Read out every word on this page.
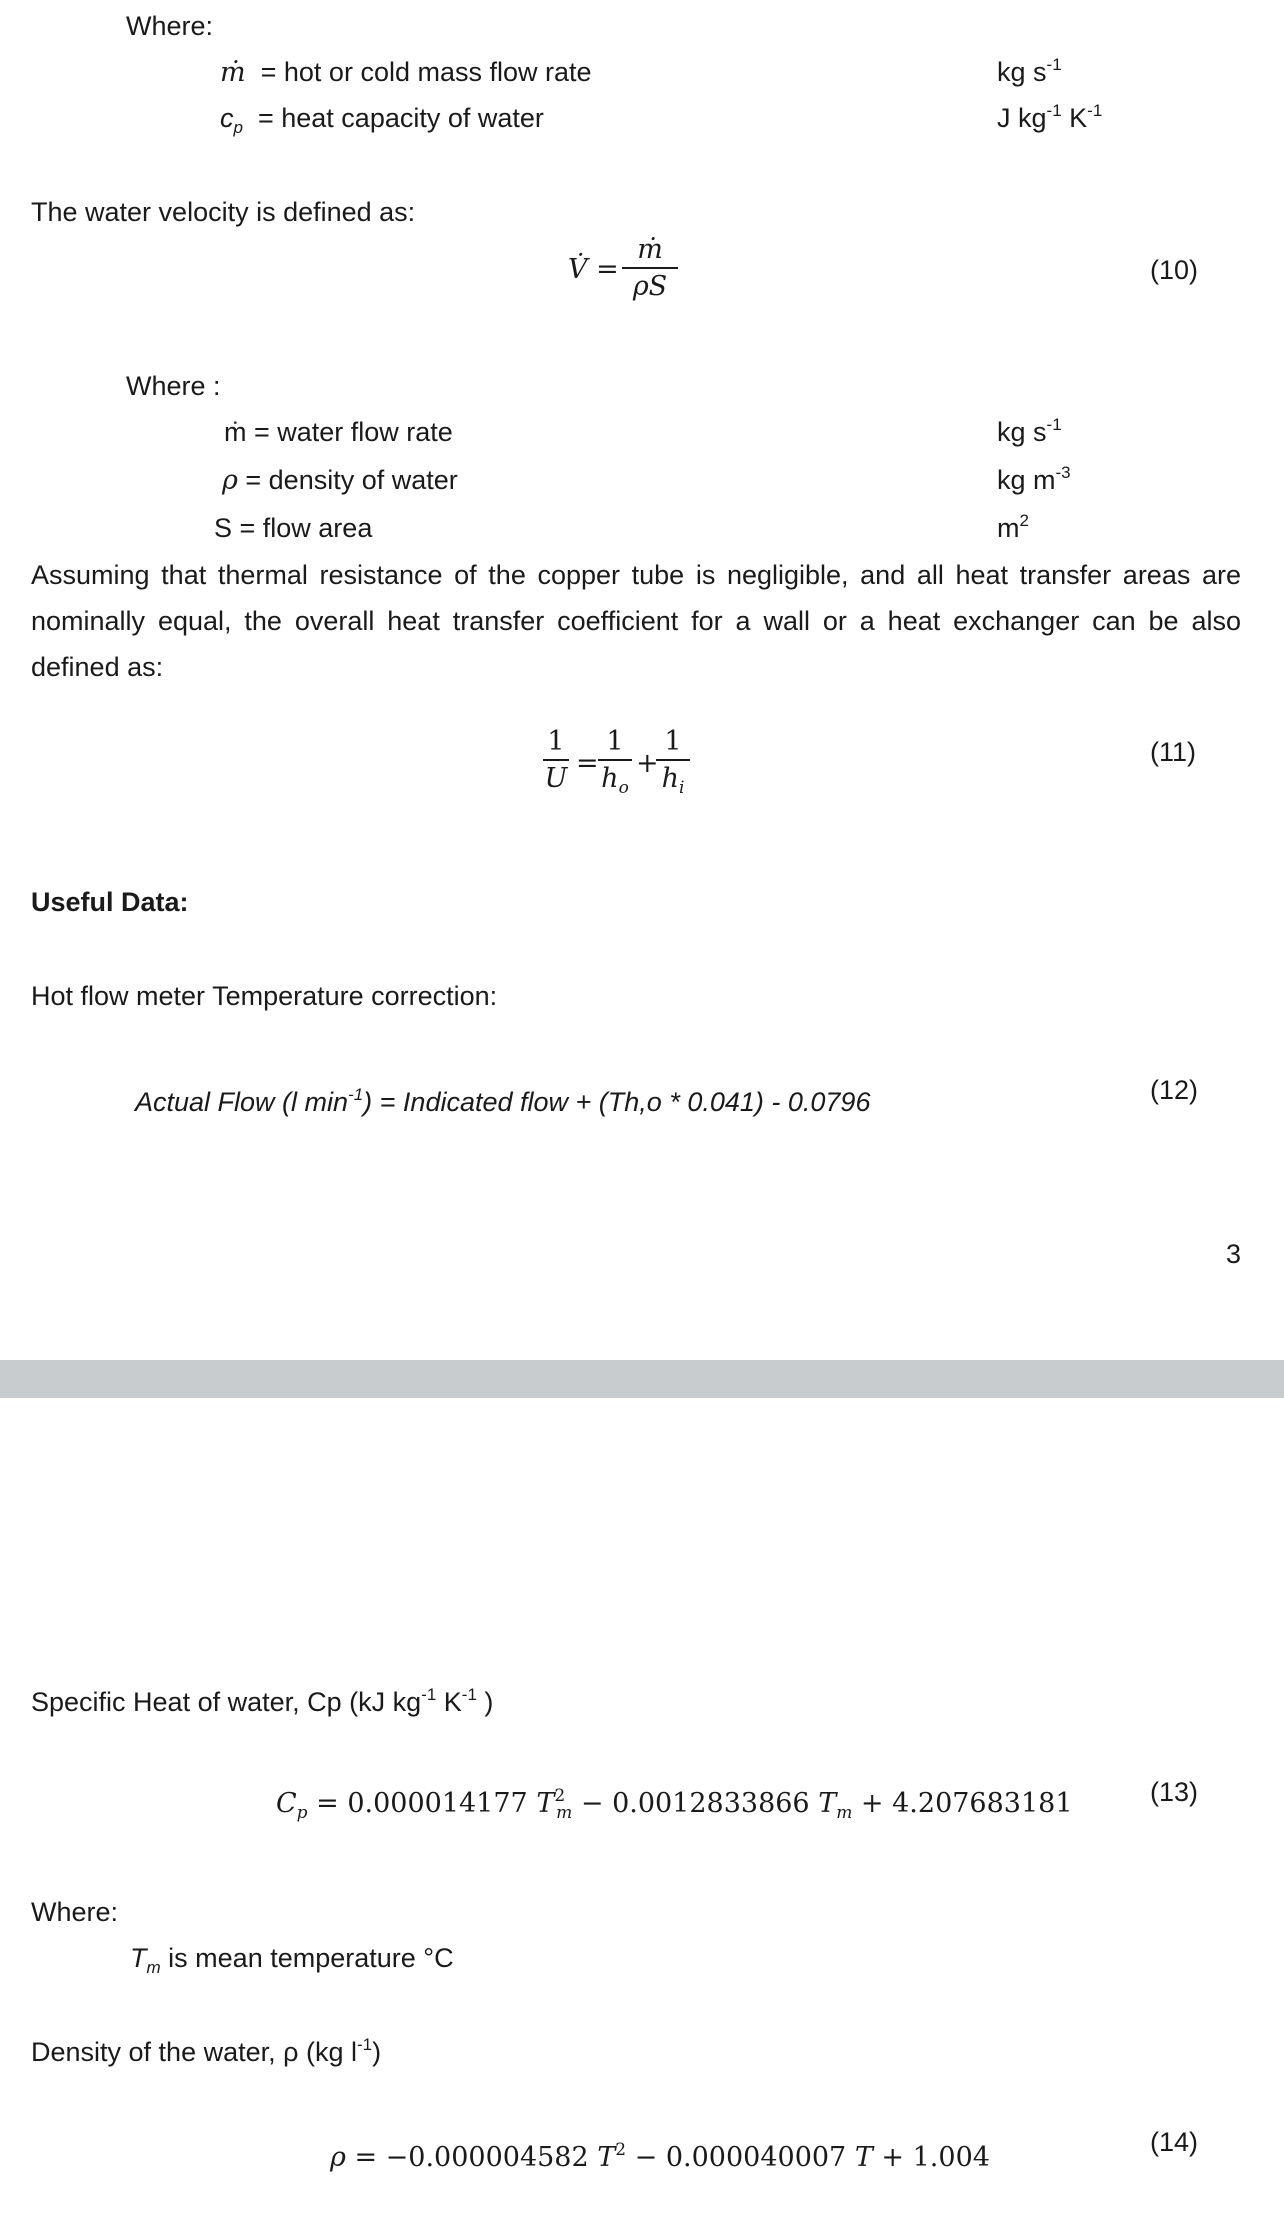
Where:
ṁ = hot or cold mass flow rate	kg $s^{-1}$
$c_p$ = heat capacity of water	J $kg^{-1}$ $K^{-1}$
The water velocity is defined as:
V̇ =
ṁ
ρS
(10)
Where :
ṁ = water flow rate	kg $s^{-1}$
ρ = density of water	kg $m^{-3}$
S = flow area	$m^2$
Assuming that thermal resistance of the copper tube is negligible, and all heat transfer areas are nominally equal, the overall heat transfer coefficient for a wall or a heat exchanger can be also defined as:
1
U =
1
$h_o$
+
1
$h_i$
(11)
Useful Data:
Hot flow meter Temperature correction:
Actual Flow (l $\min^{-1}$) = Indicated flow + (Th,o * 0.041) - 0.0796	(12)
3
Specific Heat of water, Cp (kJ $kg^{-1}$ $K^{-1}$ )
$C_p = 0.000014177$ $T^2_m - 0.0012833866$ $T_m + 4.207683181$	(13)
Where:
$T_m$ is mean temperature °C
Density of the water, ρ (kg $l^{-1}$)
ρ = −0.000004582 $T^2 - 0.000040007$ T + 1.004	(14)
